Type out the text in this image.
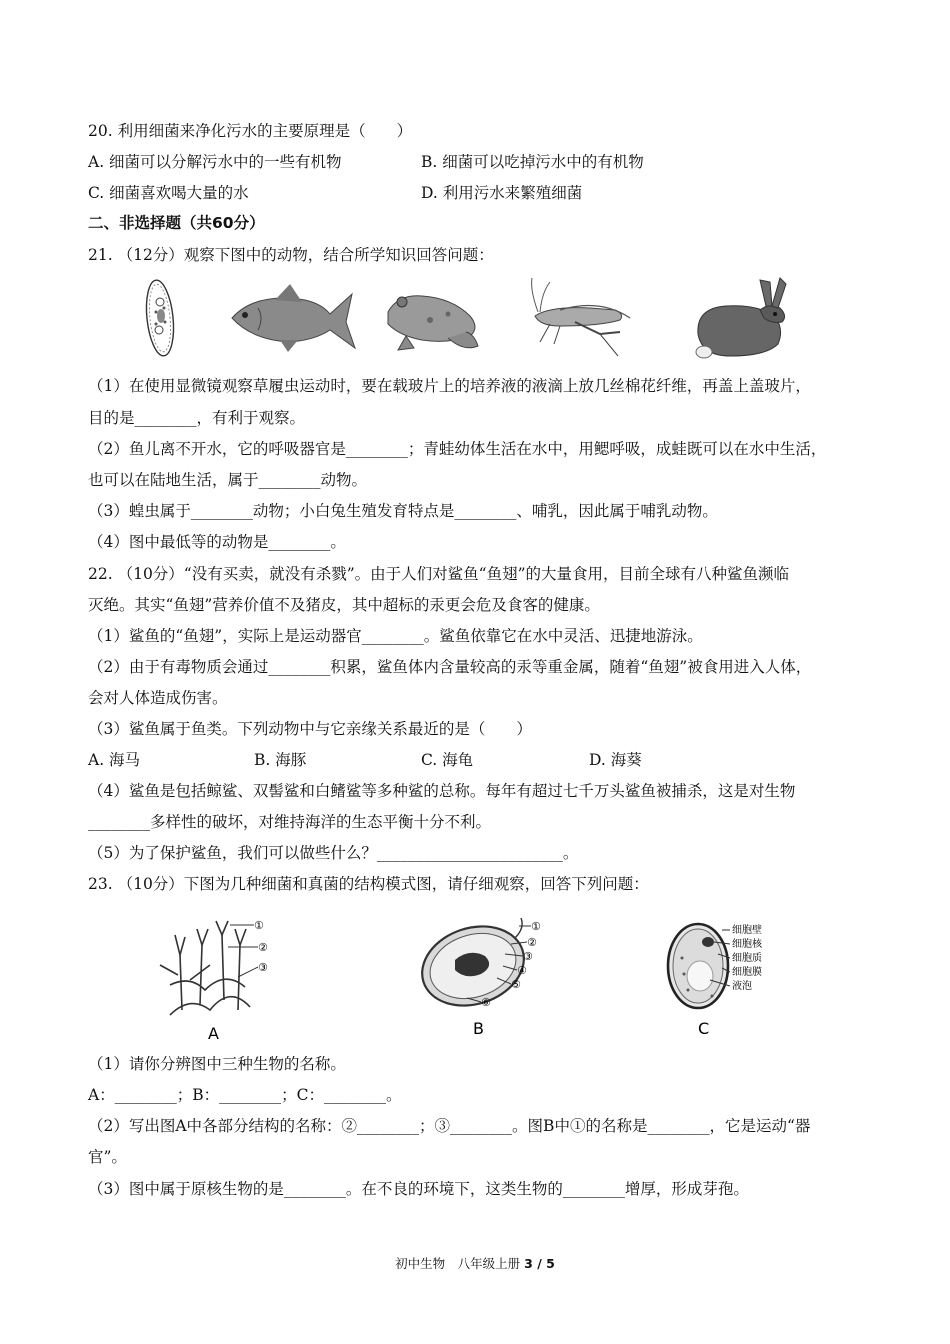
20. 利用细菌来净化污水的主要原理是（　　）
A. 细菌可以分解污水中的一些有机物	B. 细菌可以吃掉污水中的有机物
C. 细菌喜欢喝大量的水	D. 利用污水来繁殖细菌
二、非选择题（共60分）
21. （12分）观察下图中的动物，结合所学知识回答问题：
（1）在使用显微镜观察草履虫运动时，要在载玻片上的培养液的液滴上放几丝棉花纤维，再盖上盖玻片，
目的是________，有利于观察。
（2）鱼儿离不开水，它的呼吸器官是________；青蛙幼体生活在水中，用鳃呼吸，成蛙既可以在水中生活，
也可以在陆地生活，属于________动物。
（3）蝗虫属于________动物；小白兔生殖发育特点是________、哺乳，因此属于哺乳动物。
（4）图中最低等的动物是________。
22. （10分）“没有买卖，就没有杀戮”。由于人们对鲨鱼“鱼翅”的大量食用，目前全球有八种鲨鱼濒临
灭绝。其实“鱼翅”营养价值不及猪皮，其中超标的汞更会危及食客的健康。
（1）鲨鱼的“鱼翅”，实际上是运动器官________。鲨鱼依靠它在水中灵活、迅捷地游泳。
（2）由于有毒物质会通过________积累，鲨鱼体内含量较高的汞等重金属，随着“鱼翅”被食用进入人体，
会对人体造成伤害。
（3）鲨鱼属于鱼类。下列动物中与它亲缘关系最近的是（　　）
A. 海马	B. 海豚	C. 海龟	D. 海葵
（4）鲨鱼是包括鲸鲨、双髻鲨和白鳍鲨等多种鲨的总称。每年有超过七千万头鲨鱼被捕杀，这是对生物
________多样性的破坏，对维持海洋的生态平衡十分不利。
（5）为了保护鲨鱼，我们可以做些什么？________________________。
23. （10分）下图为几种细菌和真菌的结构模式图，请仔细观察，回答下列问题：
①
②
③
A
①
②
③
④
⑤
⑥
B
细胞壁
细胞核
细胞质
细胞膜
液泡
C
（1）请你分辨图中三种生物的名称。
A：________；B：________；C：________。
（2）写出图A中各部分结构的名称：②________；③________。图B中①的名称是________，它是运动“器
官”。
（3）图中属于原核生物的是________。在不良的环境下，这类生物的________增厚，形成芽孢。
初中生物　八年级上册 3 / 5
